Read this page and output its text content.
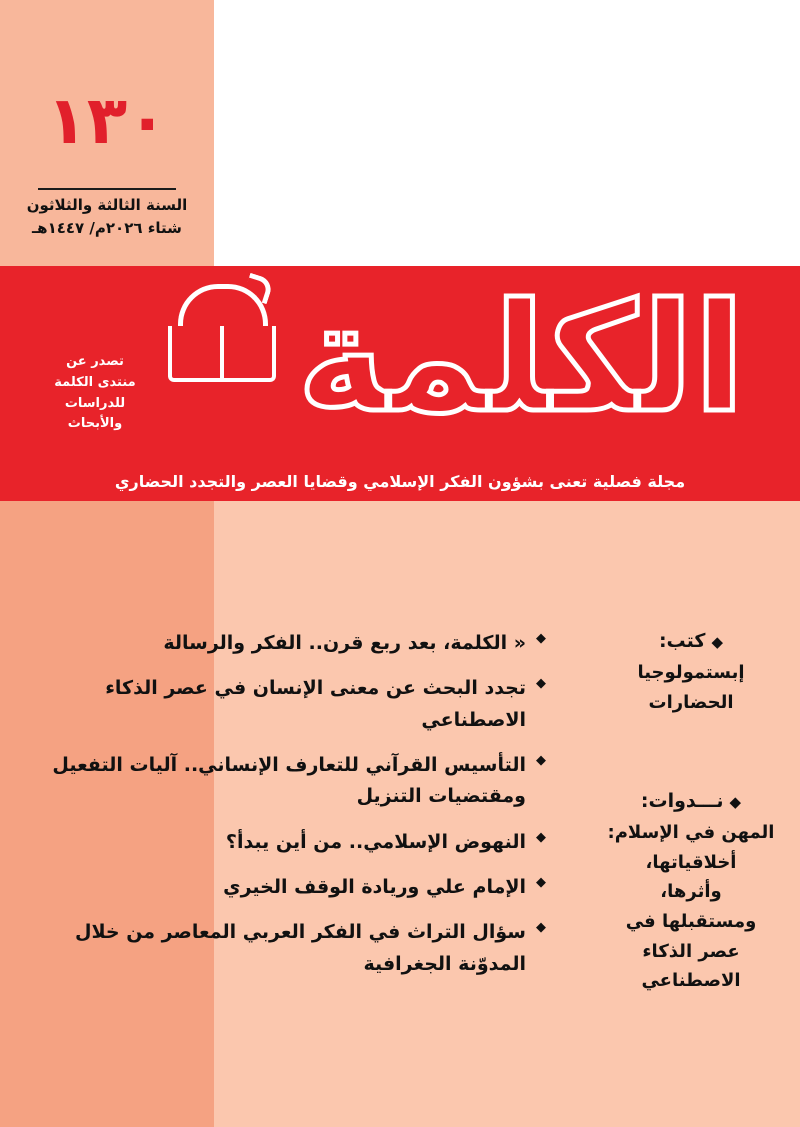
١٣٠
السنة الثالثة والثلاثون
شتاء ٢٠٢٦م/ ١٤٤٧هـ
الكلمة
تصدر عن
منتدى الكلمة
للدراسات
والأبحاث
مجلة فصلية تعنى بشؤون الفكر الإسلامي وقضايا العصر والتجدد الحضاري
◆كتب:
إبستمولوجيا
الحضارات
◆نـــدوات:
المهن في الإسلام:
أخلاقياتها،
وأثرها،
ومستقبلها في
عصر الذكاء
الاصطناعي
◆
« الكلمة، بعد ربع قرن.. الفكر والرسالة
◆
تجدد البحث عن معنى الإنسان في عصر الذكاء الاصطناعي
◆
التأسيس القرآني للتعارف الإنساني.. آليات التفعيل ومقتضيات التنزيل
◆
النهوض الإسلامي.. من أين يبدأ؟
◆
الإمام علي وريادة الوقف الخيري
◆
سؤال التراث في الفكر العربي المعاصر من خلال المدوّنة الجغرافية
